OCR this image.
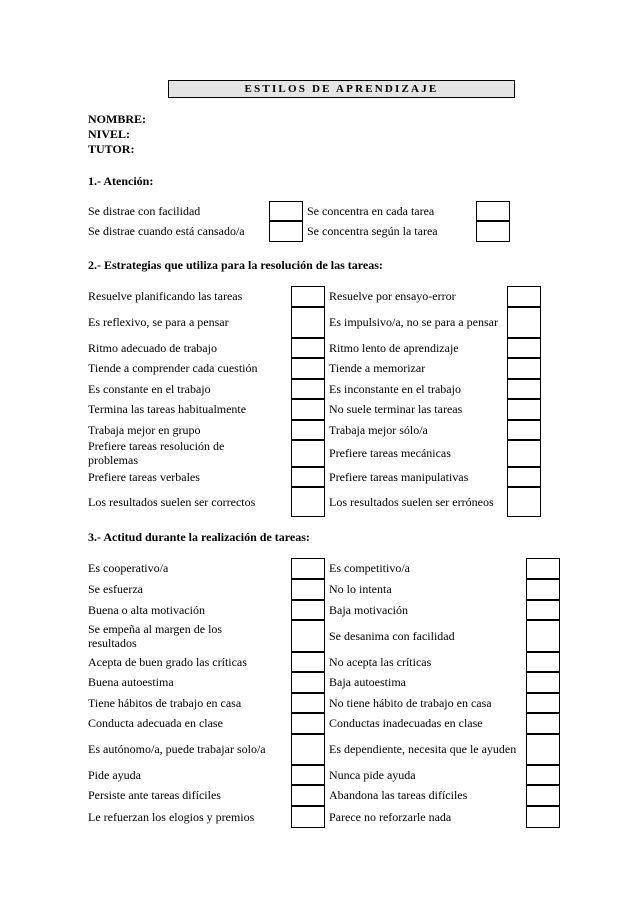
ESTILOS DE APRENDIZAJE
NOMBRE:
NIVEL:
TUTOR:
1.- Atención:
Se distrae con facilidad	Se concentra en cada tarea
Se distrae cuando está cansado/a	Se concentra según la tarea
2.- Estrategias que utiliza para la resolución de las tareas:
Resuelve planificando las tareas	Resuelve por ensayo-error
Es reflexivo, se para a pensar	Es impulsivo/a, no se para a pensar
Ritmo adecuado de trabajo	Ritmo lento de aprendizaje
Tiende a comprender cada cuestión	Tiende a memorizar
Es constante en el trabajo	Es inconstante en el trabajo
Termina las tareas habitualmente	No suele terminar las tareas
Trabaja mejor en grupo	Trabaja mejor sólo/a
Prefiere tareas resolución de problemas	Prefiere tareas mecánicas
Prefiere tareas verbales	Prefiere tareas manipulativas
Los resultados suelen ser correctos	Los resultados suelen ser erróneos
3.- Actitud durante la realización de tareas:
Es cooperativo/a	Es competitivo/a
Se esfuerza	No lo intenta
Buena o alta motivación	Baja motivación
Se empeña al margen de los resultados	Se desanima con facilidad
Acepta de buen grado las críticas	No acepta las críticas
Buena autoestima	Baja autoestima
Tiene hábitos de trabajo en casa	No tiene hábito de trabajo en casa
Conducta adecuada en clase	Conductas inadecuadas en clase
Es autónomo/a, puede trabajar solo/a	Es dependiente, necesita que le ayuden
Pide ayuda	Nunca pide ayuda
Persiste ante tareas difíciles	Abandona las tareas difíciles
Le refuerzan los elogios y premios	Parece no reforzarle nada
